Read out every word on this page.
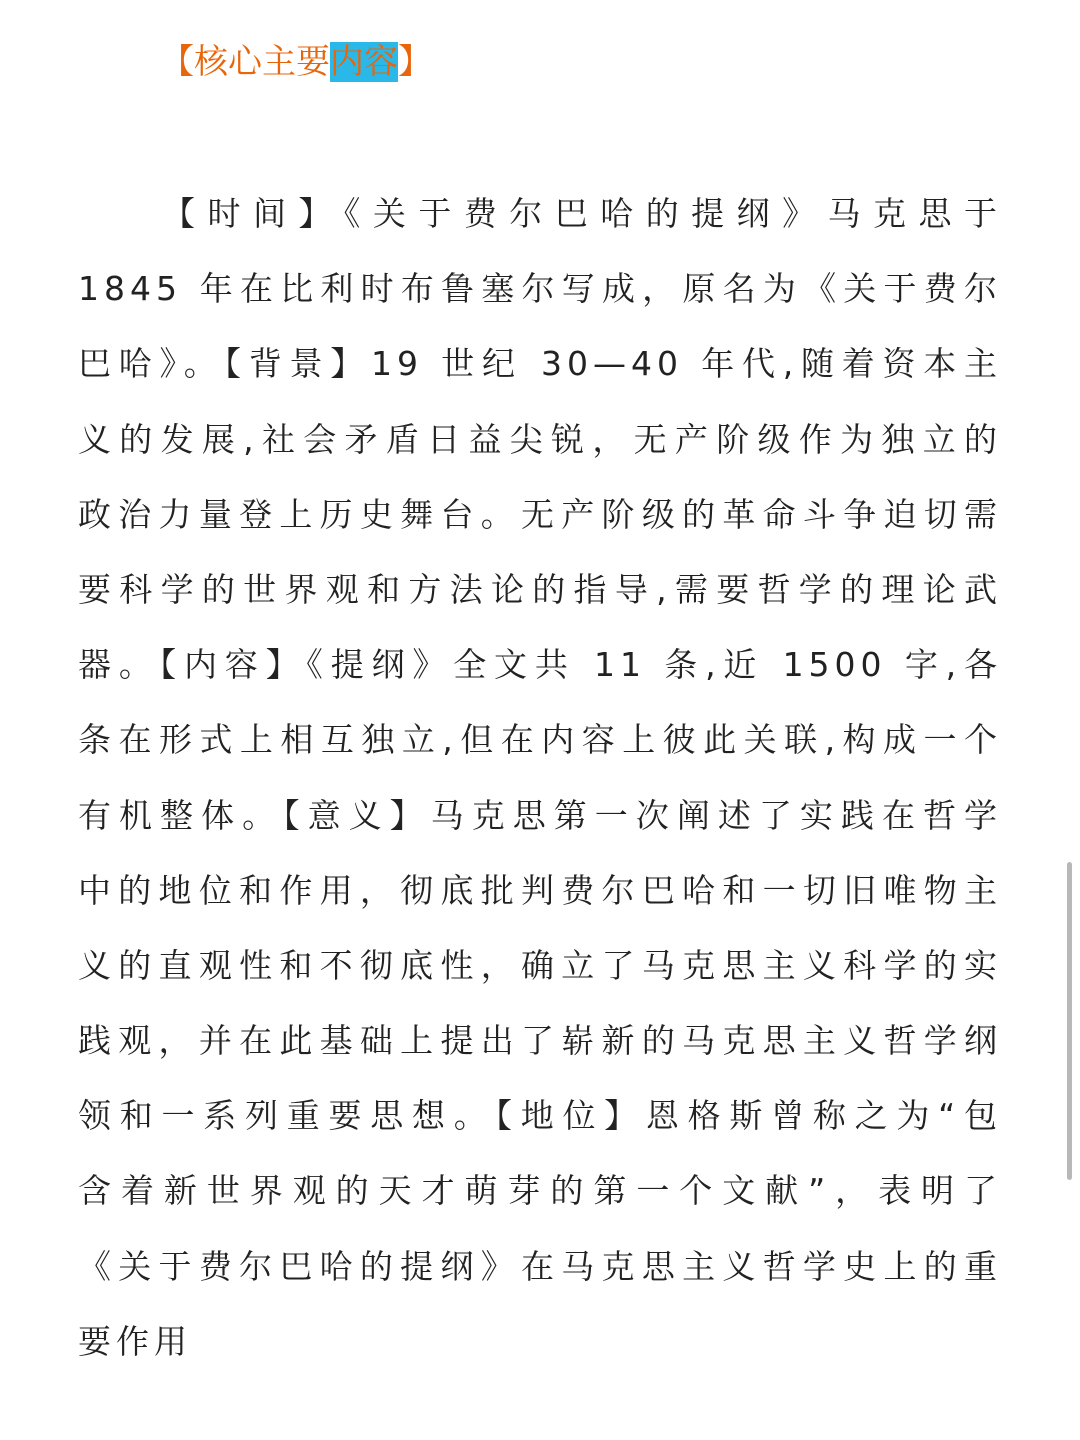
【核心主要内容】
【时间】《关于费尔巴哈的提纲》马克思于
1845 年在比利时布鲁塞尔写成，原名为《关于费尔
巴哈》。【背景】19 世纪 30—40 年代,随着资本主
义的发展,社会矛盾日益尖锐，无产阶级作为独立的
政治力量登上历史舞台。无产阶级的革命斗争迫切需
要科学的世界观和方法论的指导,需要哲学的理论武
器。【内容】《提纲》全文共 11 条,近 1500 字,各
条在形式上相互独立,但在内容上彼此关联,构成一个
有机整体。【意义】马克思第一次阐述了实践在哲学
中的地位和作用，彻底批判费尔巴哈和一切旧唯物主
义的直观性和不彻底性，确立了马克思主义科学的实
践观，并在此基础上提出了崭新的马克思主义哲学纲
领和一系列重要思想。【地位】恩格斯曾称之为“包
含着新世界观的天才萌芽的第一个文献”，表明了
《关于费尔巴哈的提纲》在马克思主义哲学史上的重
要作用
